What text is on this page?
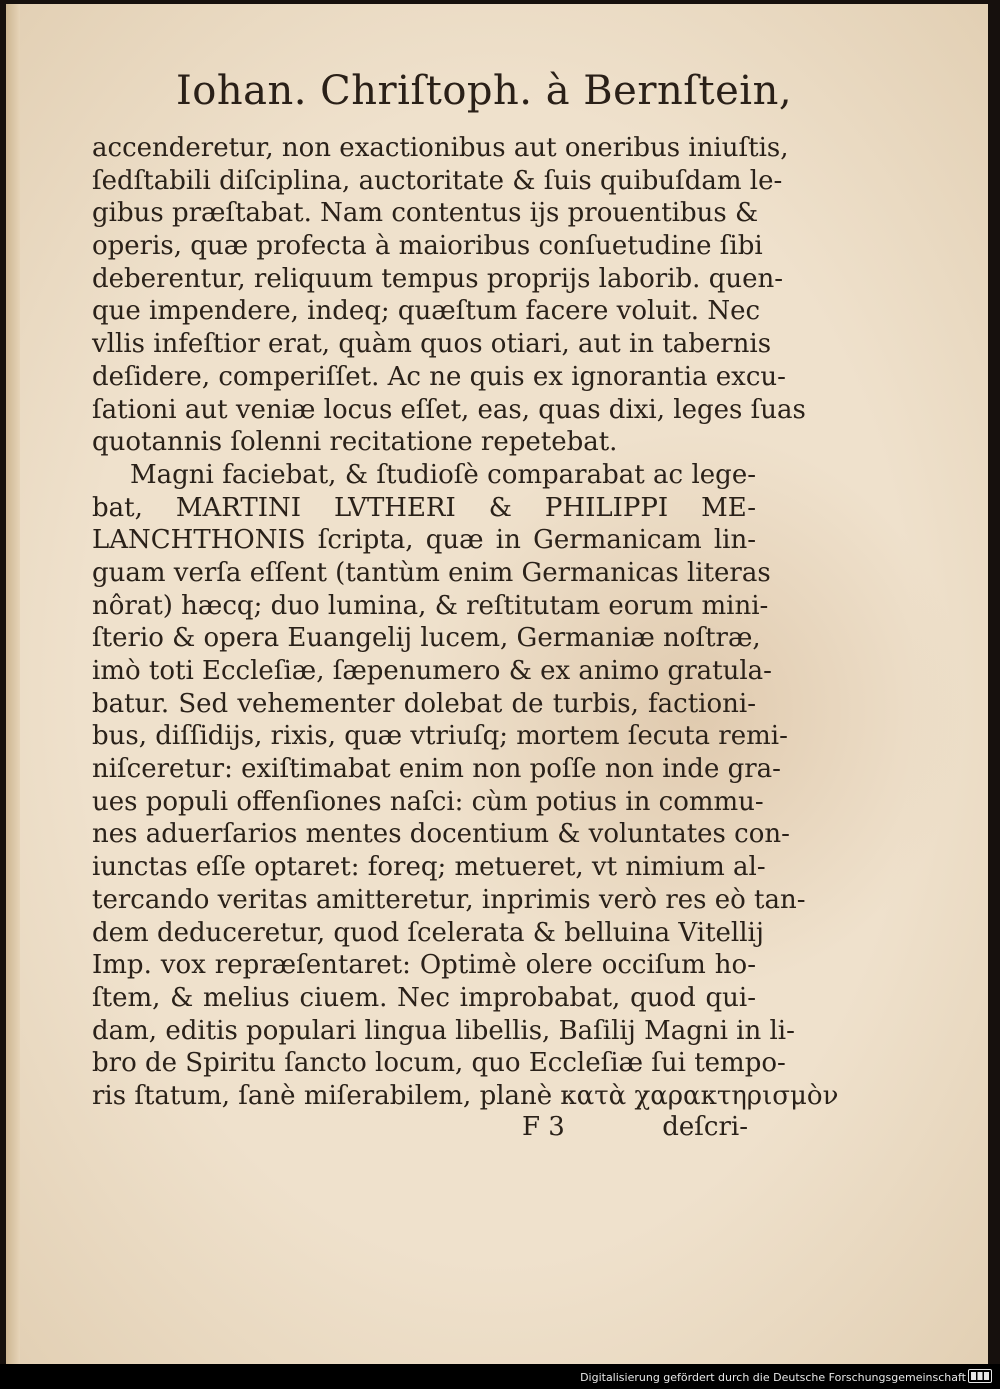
Iohan. Chriſtoph. à Bernſtein,
accenderetur, non exactionibus aut oneribus iniuſtis,
ſedſtabili diſciplina, auctoritate & ſuis quibuſdam le-
gibus præſtabat. Nam contentus ijs prouentibus &
operis, quæ profecta à maioribus conſuetudine ſibi
deberentur, reliquum tempus proprijs laborib. quen-
que impendere, indeq; quæſtum facere voluit. Nec
vllis infeſtior erat, quàm quos otiari, aut in tabernis
deſidere, comperiſſet. Ac ne quis ex ignorantia excu-
ſationi aut veniæ locus eſſet, eas, quas dixi, leges ſuas
quotannis ſolenni recitatione repetebat.
Magni faciebat, & ſtudioſè comparabat ac lege-
bat, MARTINI LVTHERI & PHILIPPI ME-
LANCHTHONIS ſcripta, quæ in Germanicam lin-
guam verſa eſſent (tantùm enim Germanicas literas
nôrat) hæcq; duo lumina, & reſtitutam eorum mini-
ſterio & opera Euangelij lucem, Germaniæ noſtræ,
imò toti Eccleſiæ, ſæpenumero & ex animo gratula-
batur. Sed vehementer dolebat de turbis, factioni-
bus, diſſidijs, rixis, quæ vtriuſq; mortem ſecuta remi-
niſceretur: exiſtimabat enim non poſſe non inde gra-
ues populi offenſiones naſci: cùm potius in commu-
nes aduerſarios mentes docentium & voluntates con-
iunctas eſſe optaret: foreq; metueret, vt nimium al-
tercando veritas amitteretur, inprimis verò res eò tan-
dem deduceretur, quod ſcelerata & belluina Vitellij
Imp. vox repræſentaret: Optimè olere occiſum ho-
ſtem, & melius ciuem. Nec improbabat, quod qui-
dam, editis populari lingua libellis, Baſilij Magni in li-
bro de Spiritu ſancto locum, quo Eccleſiæ ſui tempo-
ris ſtatum, ſanè miſerabilem, planè κατὰ χαρακτηρισμὸν
F 3	deſcri-
Digitalisierung gefördert durch die Deutsche Forschungsgemeinschaft
